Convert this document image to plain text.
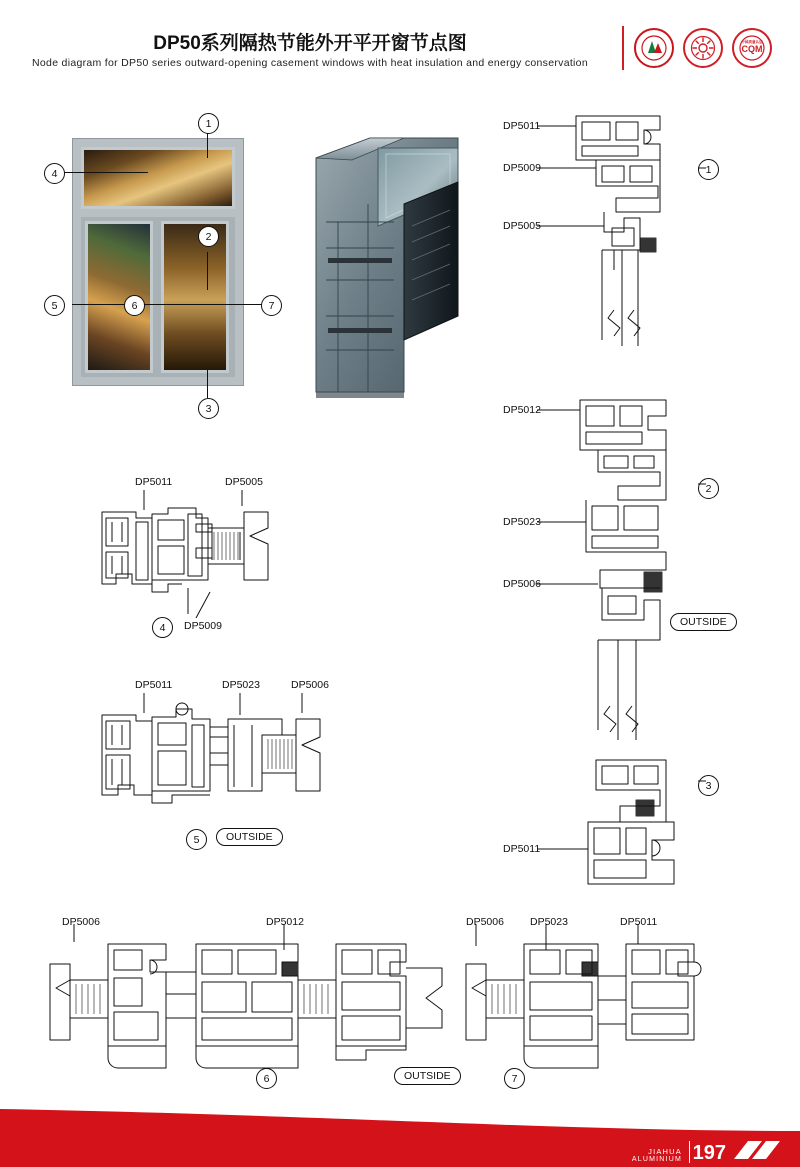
DP50系列隔热节能外开平开窗节点图
Node diagram for DP50 series outward-opening casement windows with heat insulation and energy conservation
CQM
中国质量认证
1
4
2
5	6	7
3
DP5011	DP5005
DP5009
4
DP5011	DP5023	DP5006
5	OUTSIDE
DP5011
DP5009
DP5005
DP5012
DP5023
DP5006
DP5011
1
2
3
OUTSIDE
DP5006	DP5012	DP5006 DP5023	DP5011
6	OUTSIDE	7
JIAHUA
ALUMINIUM 197
